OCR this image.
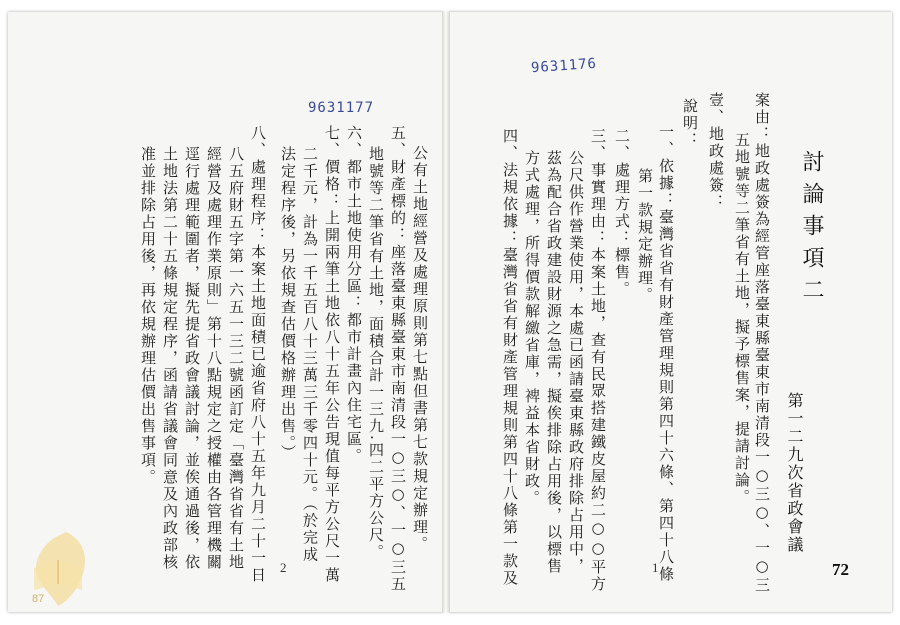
72
討論事項二
第一二九次省政會議
9631176
1	案由：地政處簽為經管座落臺東縣臺東市南清段一○三○、一○三
五地號等二筆省有土地，擬予標售案，提請討論。
壹、地政處簽：
說明：
一、依據：臺灣省省有財產管理規則第四十六條、第四十八條
第一款規定辦理。
二、處理方式：標售。
三、事實理由：本案土地，查有民眾搭建鐵皮屋約二○○平方
公尺供作營業使用，本處已函請臺東縣政府排除占用中，
茲為配合省政建設財源之急需，擬俟排除占用後，以標售
方式處理，所得價款解繳省庫，裨益本省財政。
四、法規依據：臺灣省省有財產管理規則第四十八條第一款及
9631177
2
公有土地經營及處理原則第七點但書第七款規定辦理。
五、財產標的：座落臺東縣臺東市南清段一○三○、一○三五
地號等二筆省有土地，面積合計一三九.四二平方公尺。
六、都市土地使用分區：都市計畫內住宅區。
七、價格：上開兩筆土地依八十五年公告現值每平方公尺一萬
二千元，計為一千五百八十三萬三千零四十元。（於完成
法定程序後，另依規查估價格辦理出售。）
八、處理程序：本案土地面積已逾省府八十五年九月二十一日
八五府財五字第一六五一三二號函訂定「臺灣省省有土地
經營及處理作業原則」第十八點規定之授權由各管理機關
逕行處理範圍者，擬先提省政會議討論，並俟通過後，依
土地法第二十五條規定程序，函請省議會同意及內政部核
准並排除占用後，再依規辦理估價出售事項。
87
